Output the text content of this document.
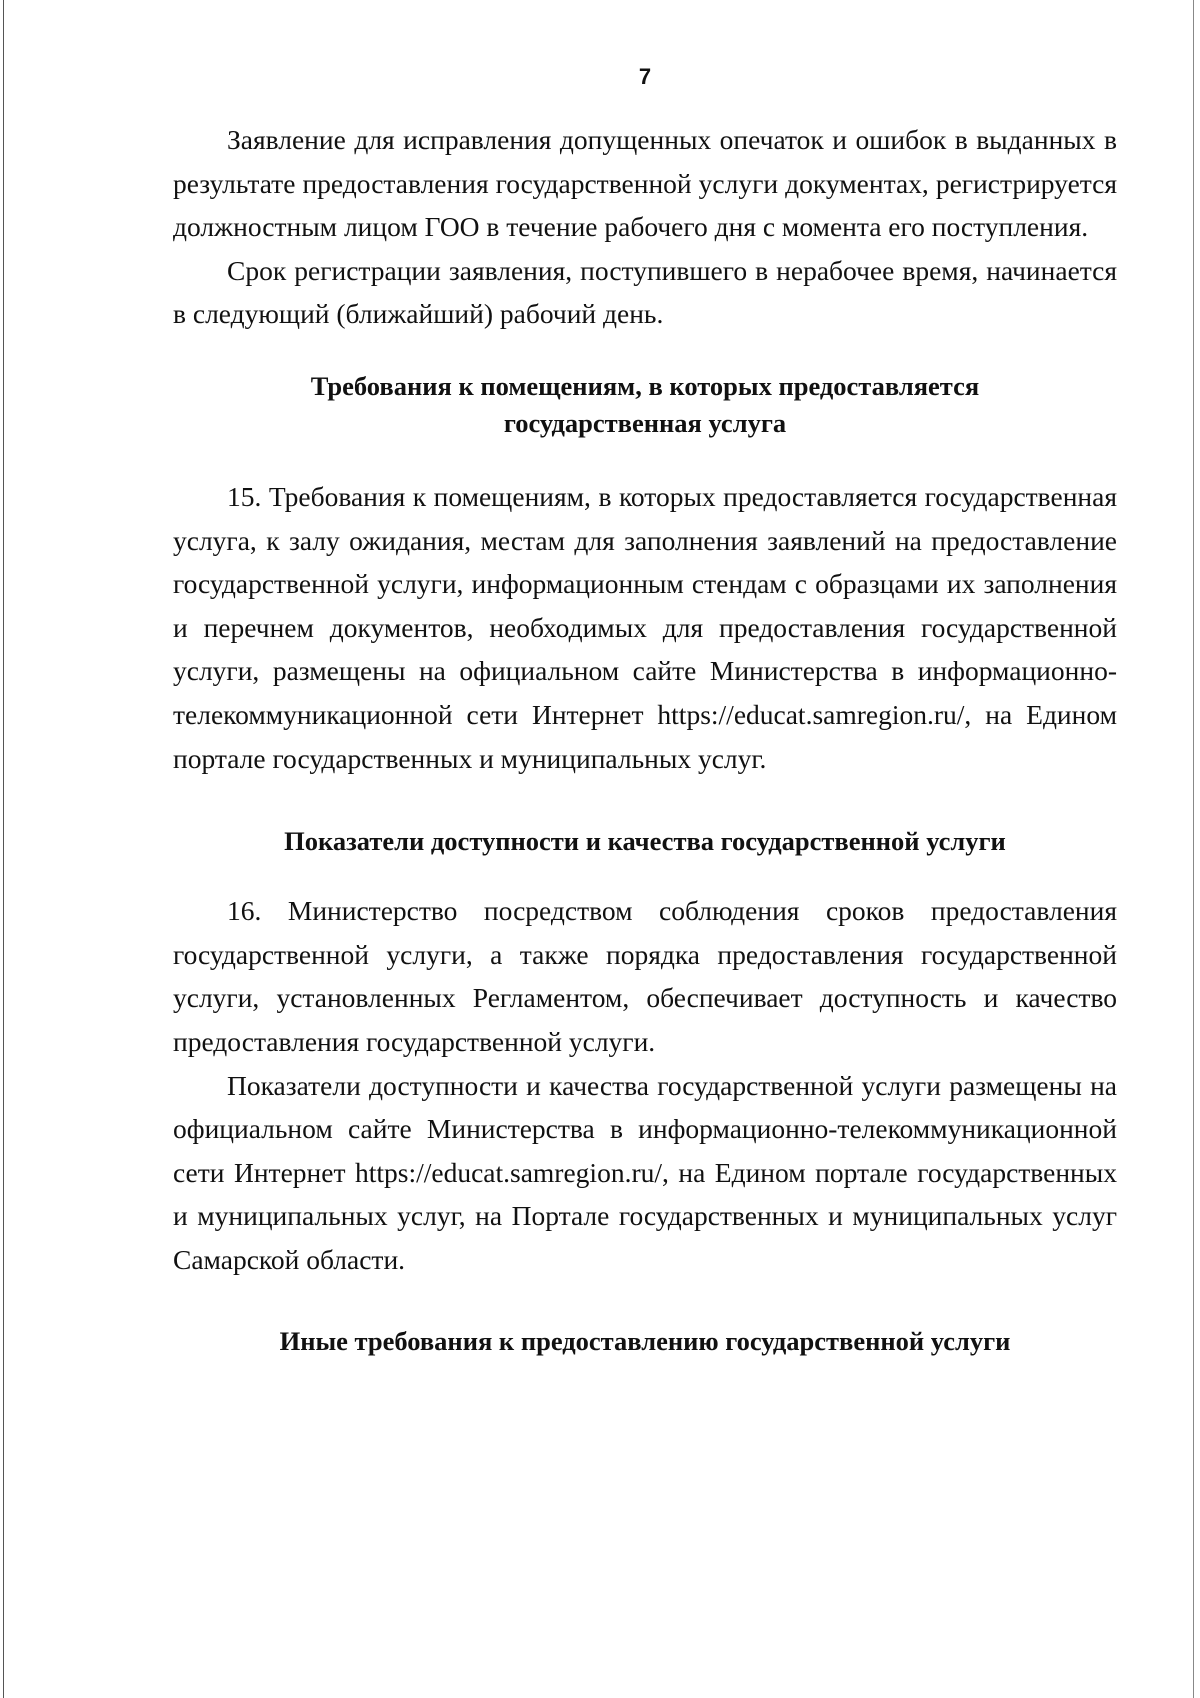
7

Заявление для исправления допущенных опечаток и ошибок в выданных в результате предоставления государственной услуги документах, регистрируется должностным лицом ГОО в течение рабочего дня с момента его поступления.

Срок регистрации заявления, поступившего в нерабочее время, начинается в следующий (ближайший) рабочий день.

Требования к помещениям, в которых предоставляется
государственная услуга

15. Требования к помещениям, в которых предоставляется государственная услуга, к залу ожидания, местам для заполнения заявлений на предоставление государственной услуги, информационным стендам с образцами их заполнения и перечнем документов, необходимых для предоставления государственной услуги, размещены на официальном сайте Министерства в информационно-телекоммуникационной сети Интернет https://educat.samregion.ru/, на Едином портале государственных и муниципальных услуг.

Показатели доступности и качества государственной услуги

16. Министерство посредством соблюдения сроков предоставления государственной услуги, а также порядка предоставления государственной услуги, установленных Регламентом, обеспечивает доступность и качество предоставления государственной услуги.

Показатели доступности и качества государственной услуги размещены на официальном сайте Министерства в информационно-телекоммуникационной сети Интернет https://educat.samregion.ru/, на Едином портале государственных и муниципальных услуг, на Портале государственных и муниципальных услуг Самарской области.

Иные требования к предоставлению государственной услуги
